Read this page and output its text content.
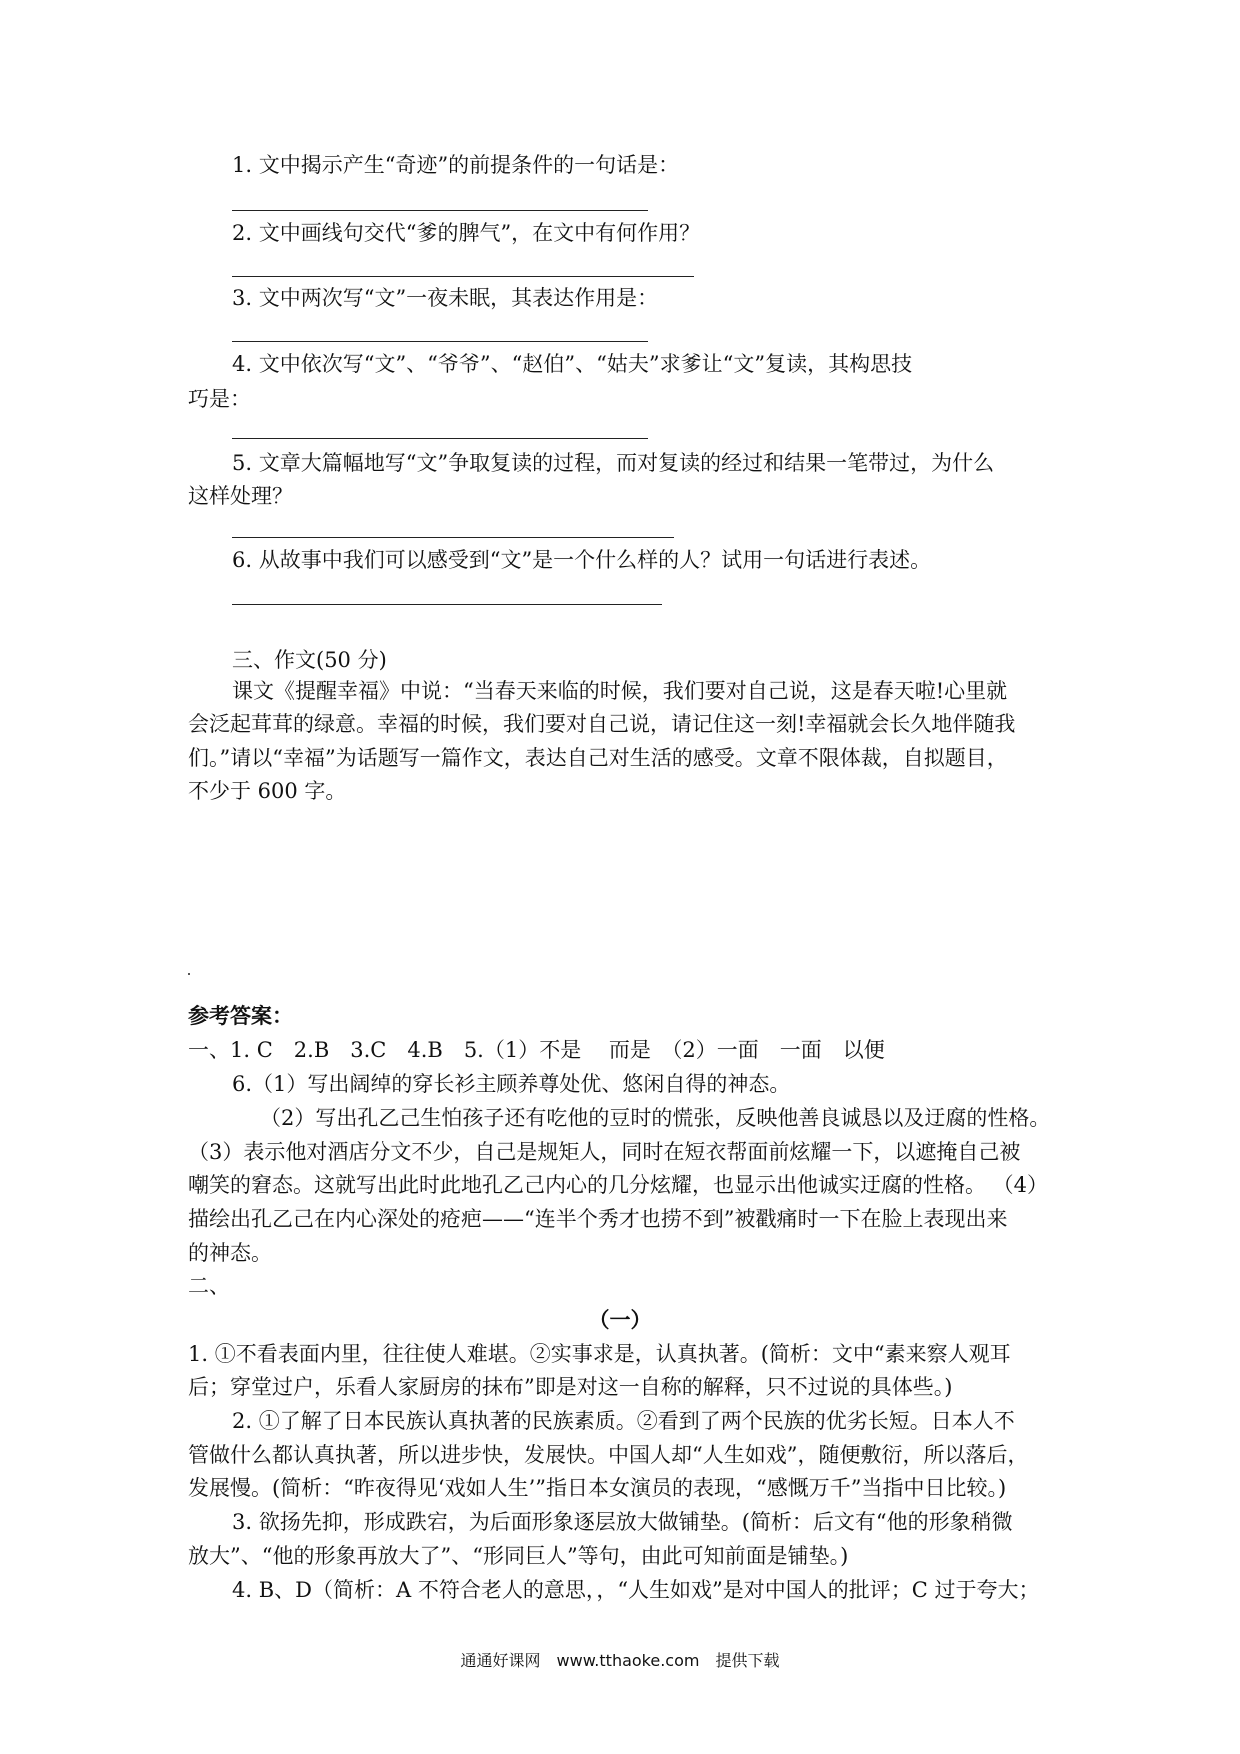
1. 文中揭示产生“奇迹”的前提条件的一句话是：
2. 文中画线句交代“爹的脾气”，在文中有何作用？
3. 文中两次写“文”一夜未眠，其表达作用是：
4. 文中依次写“文”、“爷爷”、“赵伯”、“姑夫”求爹让“文”复读，其构思技
巧是：
5. 文章大篇幅地写“文”争取复读的过程，而对复读的经过和结果一笔带过，为什么
这样处理？
6. 从故事中我们可以感受到“文”是一个什么样的人？试用一句话进行表述。
三、作文(50 分)
课文《提醒幸福》中说：“当春天来临的时候，我们要对自己说，这是春天啦!心里就
会泛起茸茸的绿意。幸福的时候，我们要对自己说，请记住这一刻!幸福就会长久地伴随我
们。”请以“幸福”为话题写一篇作文，表达自己对生活的感受。文章不限体裁，自拟题目，
不少于 600 字。
参考答案：
一、1. C　2.B　3.C　4.B　5.（1）不是　 而是　（2）一面　一面　以便
6.（1）写出阔绰的穿长衫主顾养尊处优、悠闲自得的神态。
（2）写出孔乙己生怕孩子还有吃他的豆时的慌张，反映他善良诚恳以及迂腐的性格。
（3）表示他对酒店分文不少，自己是规矩人，同时在短衣帮面前炫耀一下，以遮掩自己被
嘲笑的窘态。这就写出此时此地孔乙己内心的几分炫耀，也显示出他诚实迂腐的性格。 （4）
描绘出孔乙己在内心深处的疮疤——“连半个秀才也捞不到”被戳痛时一下在脸上表现出来
的神态。
二、
（一）
1. ①不看表面内里，往往使人难堪。②实事求是，认真执著。(简析：文中“素来察人观耳
后；穿堂过户，乐看人家厨房的抹布”即是对这一自称的解释，只不过说的具体些。)
2. ①了解了日本民族认真执著的民族素质。②看到了两个民族的优劣长短。日本人不
管做什么都认真执著，所以进步快，发展快。中国人却“人生如戏”，随便敷衍，所以落后，
发展慢。(简析：“昨夜得见‘戏如人生’”指日本女演员的表现，“感慨万千”当指中日比较。)
3. 欲扬先抑，形成跌宕，为后面形象逐层放大做铺垫。(简析：后文有“他的形象稍微
放大”、“他的形象再放大了”、“形同巨人”等句，由此可知前面是铺垫。)
4. B、D（简析：A 不符合老人的意思，，“人生如戏”是对中国人的批评；C 过于夸大；
通通好课网　www.tthaoke.com　提供下载
